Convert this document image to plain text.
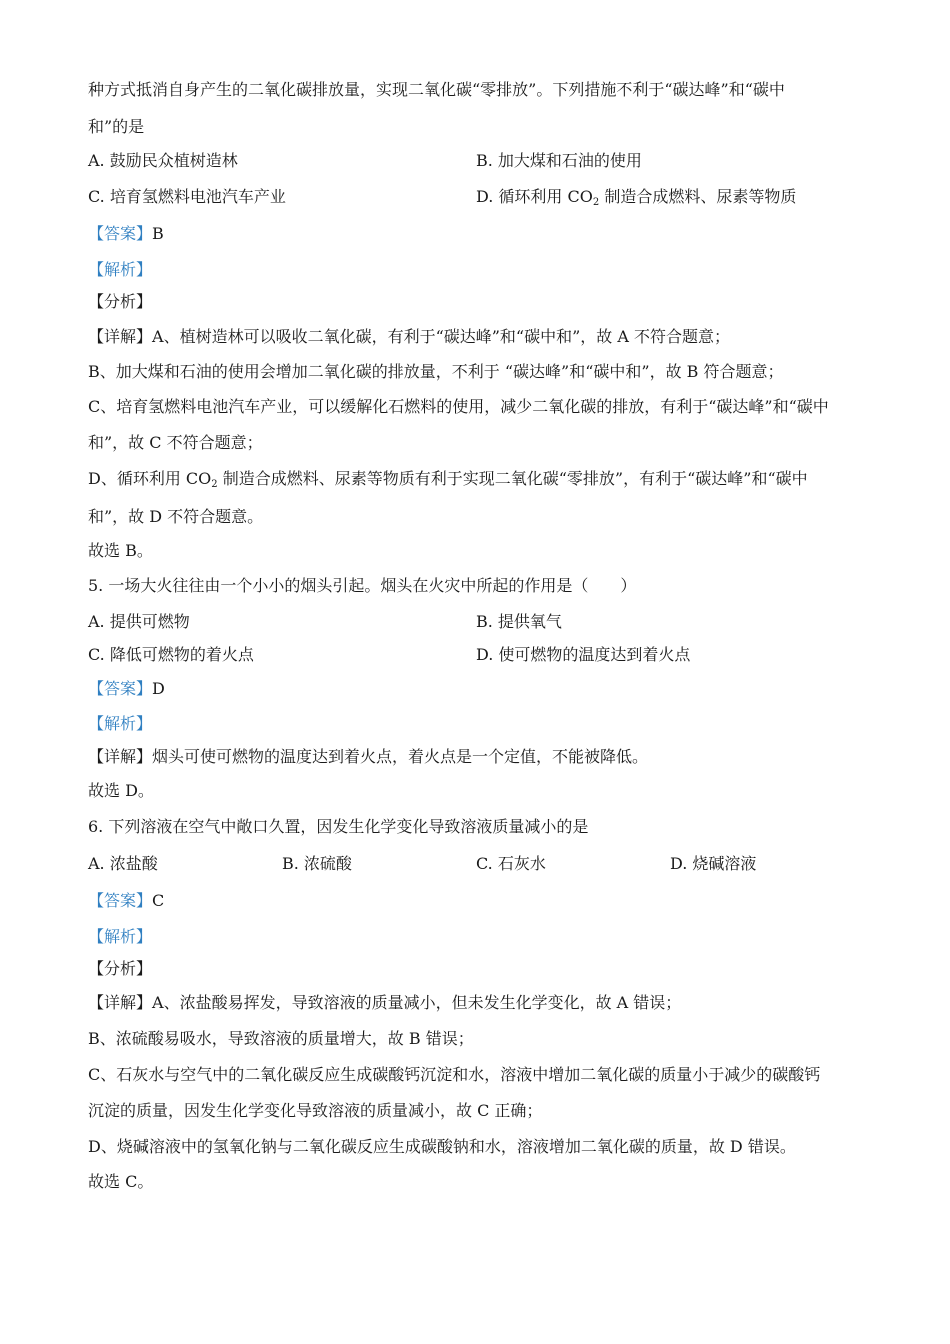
种方式抵消自身产生的二氧化碳排放量，实现二氧化碳“零排放”。下列措施不利于“碳达峰”和“碳中

和”的是

A. 鼓励民众植树造林	B. 加大煤和石油的使用

C. 培育氢燃料电池汽车产业	D. 循环利用 $CO_2$ 制造合成燃料、尿素等物质

【答案】B

【解析】

【分析】

【详解】A、植树造林可以吸收二氧化碳，有利于“碳达峰”和“碳中和”，故 A 不符合题意；

B、加大煤和石油的使用会增加二氧化碳的排放量，不利于 “碳达峰”和“碳中和”，故 B 符合题意；

C、培育氢燃料电池汽车产业，可以缓解化石燃料的使用，减少二氧化碳的排放，有利于“碳达峰”和“碳中

和”，故 C 不符合题意；

D、循环利用 $CO_2$ 制造合成燃料、尿素等物质有利于实现二氧化碳“零排放”，有利于“碳达峰”和“碳中

和”，故 D 不符合题意。

故选 B。

5. 一场大火往往由一个小小的烟头引起。烟头在火灾中所起的作用是（　　）

A. 提供可燃物	B. 提供氧气

C. 降低可燃物的着火点	D. 使可燃物的温度达到着火点

【答案】D

【解析】

【详解】烟头可使可燃物的温度达到着火点，着火点是一个定值，不能被降低。

故选 D。

6. 下列溶液在空气中敞口久置，因发生化学变化导致溶液质量减小的是

A. 浓盐酸	B. 浓硫酸	C. 石灰水	D. 烧碱溶液

【答案】C

【解析】

【分析】

【详解】A、浓盐酸易挥发，导致溶液的质量减小，但未发生化学变化，故 A 错误；

B、浓硫酸易吸水，导致溶液的质量增大，故 B 错误；

C、石灰水与空气中的二氧化碳反应生成碳酸钙沉淀和水，溶液中增加二氧化碳的质量小于减少的碳酸钙

沉淀的质量，因发生化学变化导致溶液的质量减小，故 C 正确；

D、烧碱溶液中的氢氧化钠与二氧化碳反应生成碳酸钠和水，溶液增加二氧化碳的质量，故 D 错误。

故选 C。
